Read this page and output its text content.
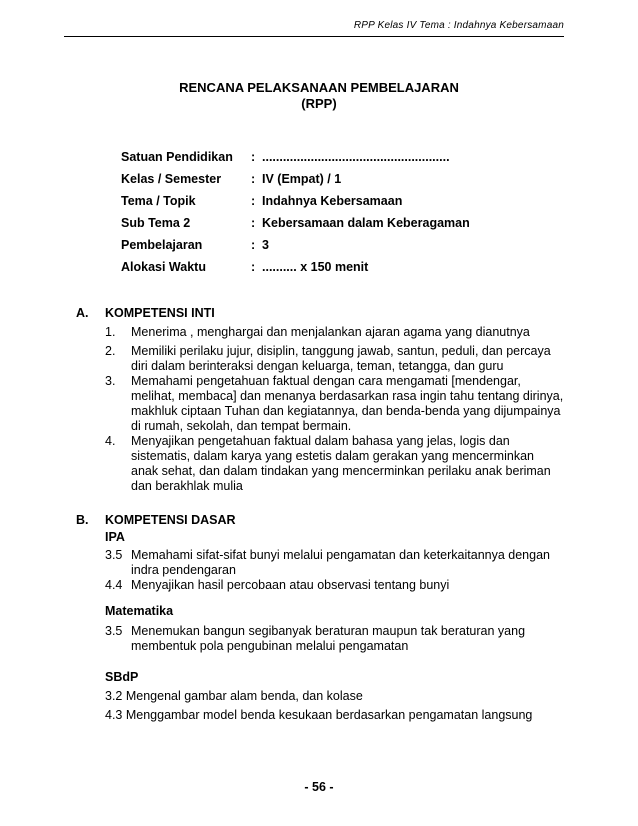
RPP Kelas IV Tema : Indahnya Kebersamaan
RENCANA PELAKSANAAN PEMBELAJARAN
(RPP)
Satuan Pendidikan : ......................................................
Kelas / Semester : IV (Empat) / 1
Tema / Topik	: Indahnya Kebersamaan
Sub Tema 2	: Kebersamaan dalam Keberagaman
Pembelajaran	: 3
Alokasi Waktu	: .......... x 150 menit
A. KOMPETENSI INTI
1. Menerima , menghargai dan menjalankan ajaran agama yang dianutnya
2. Memiliki perilaku jujur, disiplin, tanggung jawab, santun, peduli, dan percaya
diri dalam berinteraksi dengan keluarga, teman, tetangga, dan guru
3. Memahami pengetahuan faktual dengan cara mengamati [mendengar,
melihat, membaca] dan menanya berdasarkan rasa ingin tahu tentang dirinya,
makhluk ciptaan Tuhan dan kegiatannya, dan benda-benda yang dijumpainya
di rumah, sekolah, dan tempat bermain.
4. Menyajikan pengetahuan faktual dalam bahasa yang jelas, logis dan
sistematis, dalam karya yang estetis dalam gerakan yang mencerminkan
anak sehat, dan dalam tindakan yang mencerminkan perilaku anak beriman
dan berakhlak mulia
B. KOMPETENSI DASAR
IPA
3.5 Memahami sifat-sifat bunyi melalui pengamatan dan keterkaitannya dengan
indra pendengaran
4.4 Menyajikan hasil percobaan atau observasi tentang bunyi
Matematika
3.5 Menemukan bangun segibanyak beraturan maupun tak beraturan yang
membentuk pola pengubinan melalui pengamatan
SBdP
3.2 Mengenal gambar alam benda, dan kolase
4.3 Menggambar model benda kesukaan berdasarkan pengamatan langsung
- 56 -
